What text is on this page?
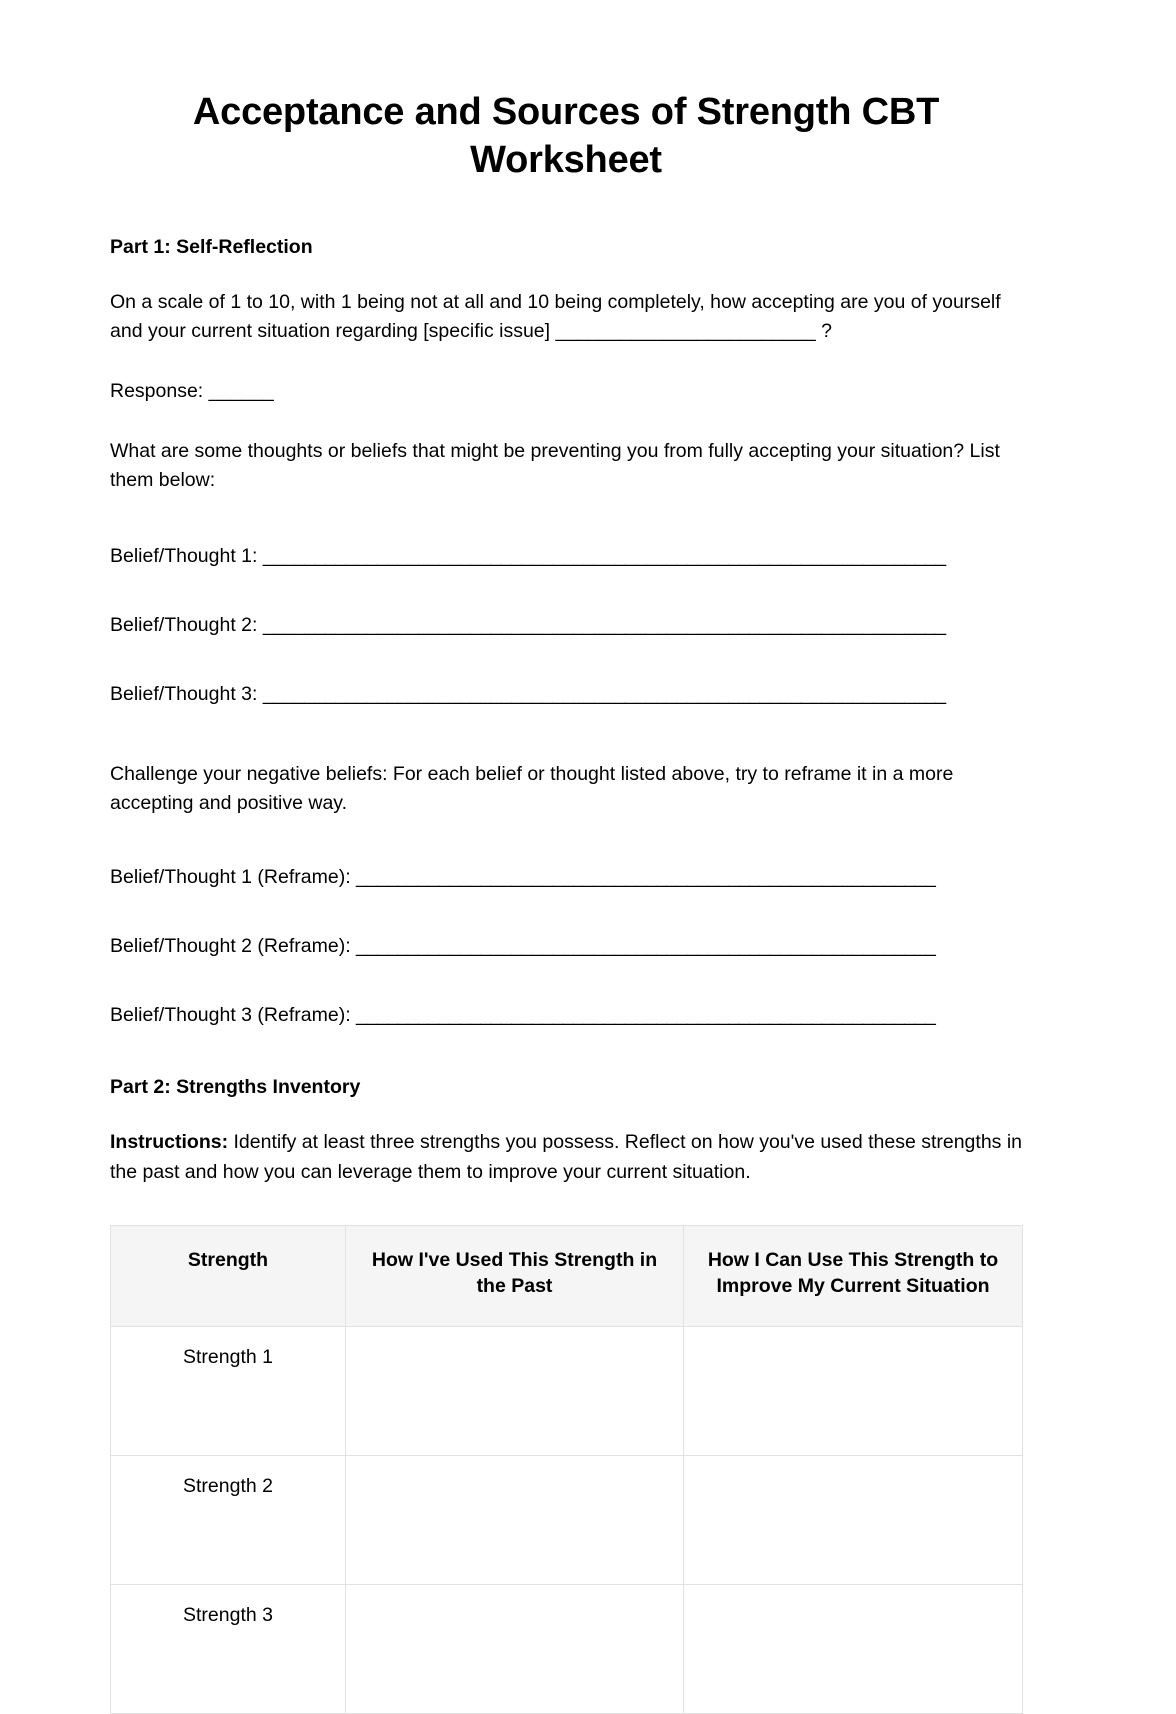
Acceptance and Sources of Strength CBT Worksheet
Part 1: Self-Reflection

On a scale of 1 to 10, with 1 being not at all and 10 being completely, how accepting are you of yourself and your current situation regarding [specific issue] ________________________ ?

Response: ______

What are some thoughts or beliefs that might be preventing you from fully accepting your situation? List them below:

Belief/Thought 1: __________________________________________________________________
Belief/Thought 2: __________________________________________________________________
Belief/Thought 3: __________________________________________________________________

Challenge your negative beliefs: For each belief or thought listed above, try to reframe it in a more accepting and positive way.

Belief/Thought 1 (Reframe): ________________________________________________________
Belief/Thought 2 (Reframe): ________________________________________________________
Belief/Thought 3 (Reframe): ________________________________________________________
Part 2: Strengths Inventory

Instructions: Identify at least three strengths you possess. Reflect on how you've used these strengths in the past and how you can leverage them to improve your current situation.

Strength	How I've Used This Strength in the Past	How I Can Use This Strength to Improve My Current Situation
Strength 1		
Strength 2		
Strength 3		
